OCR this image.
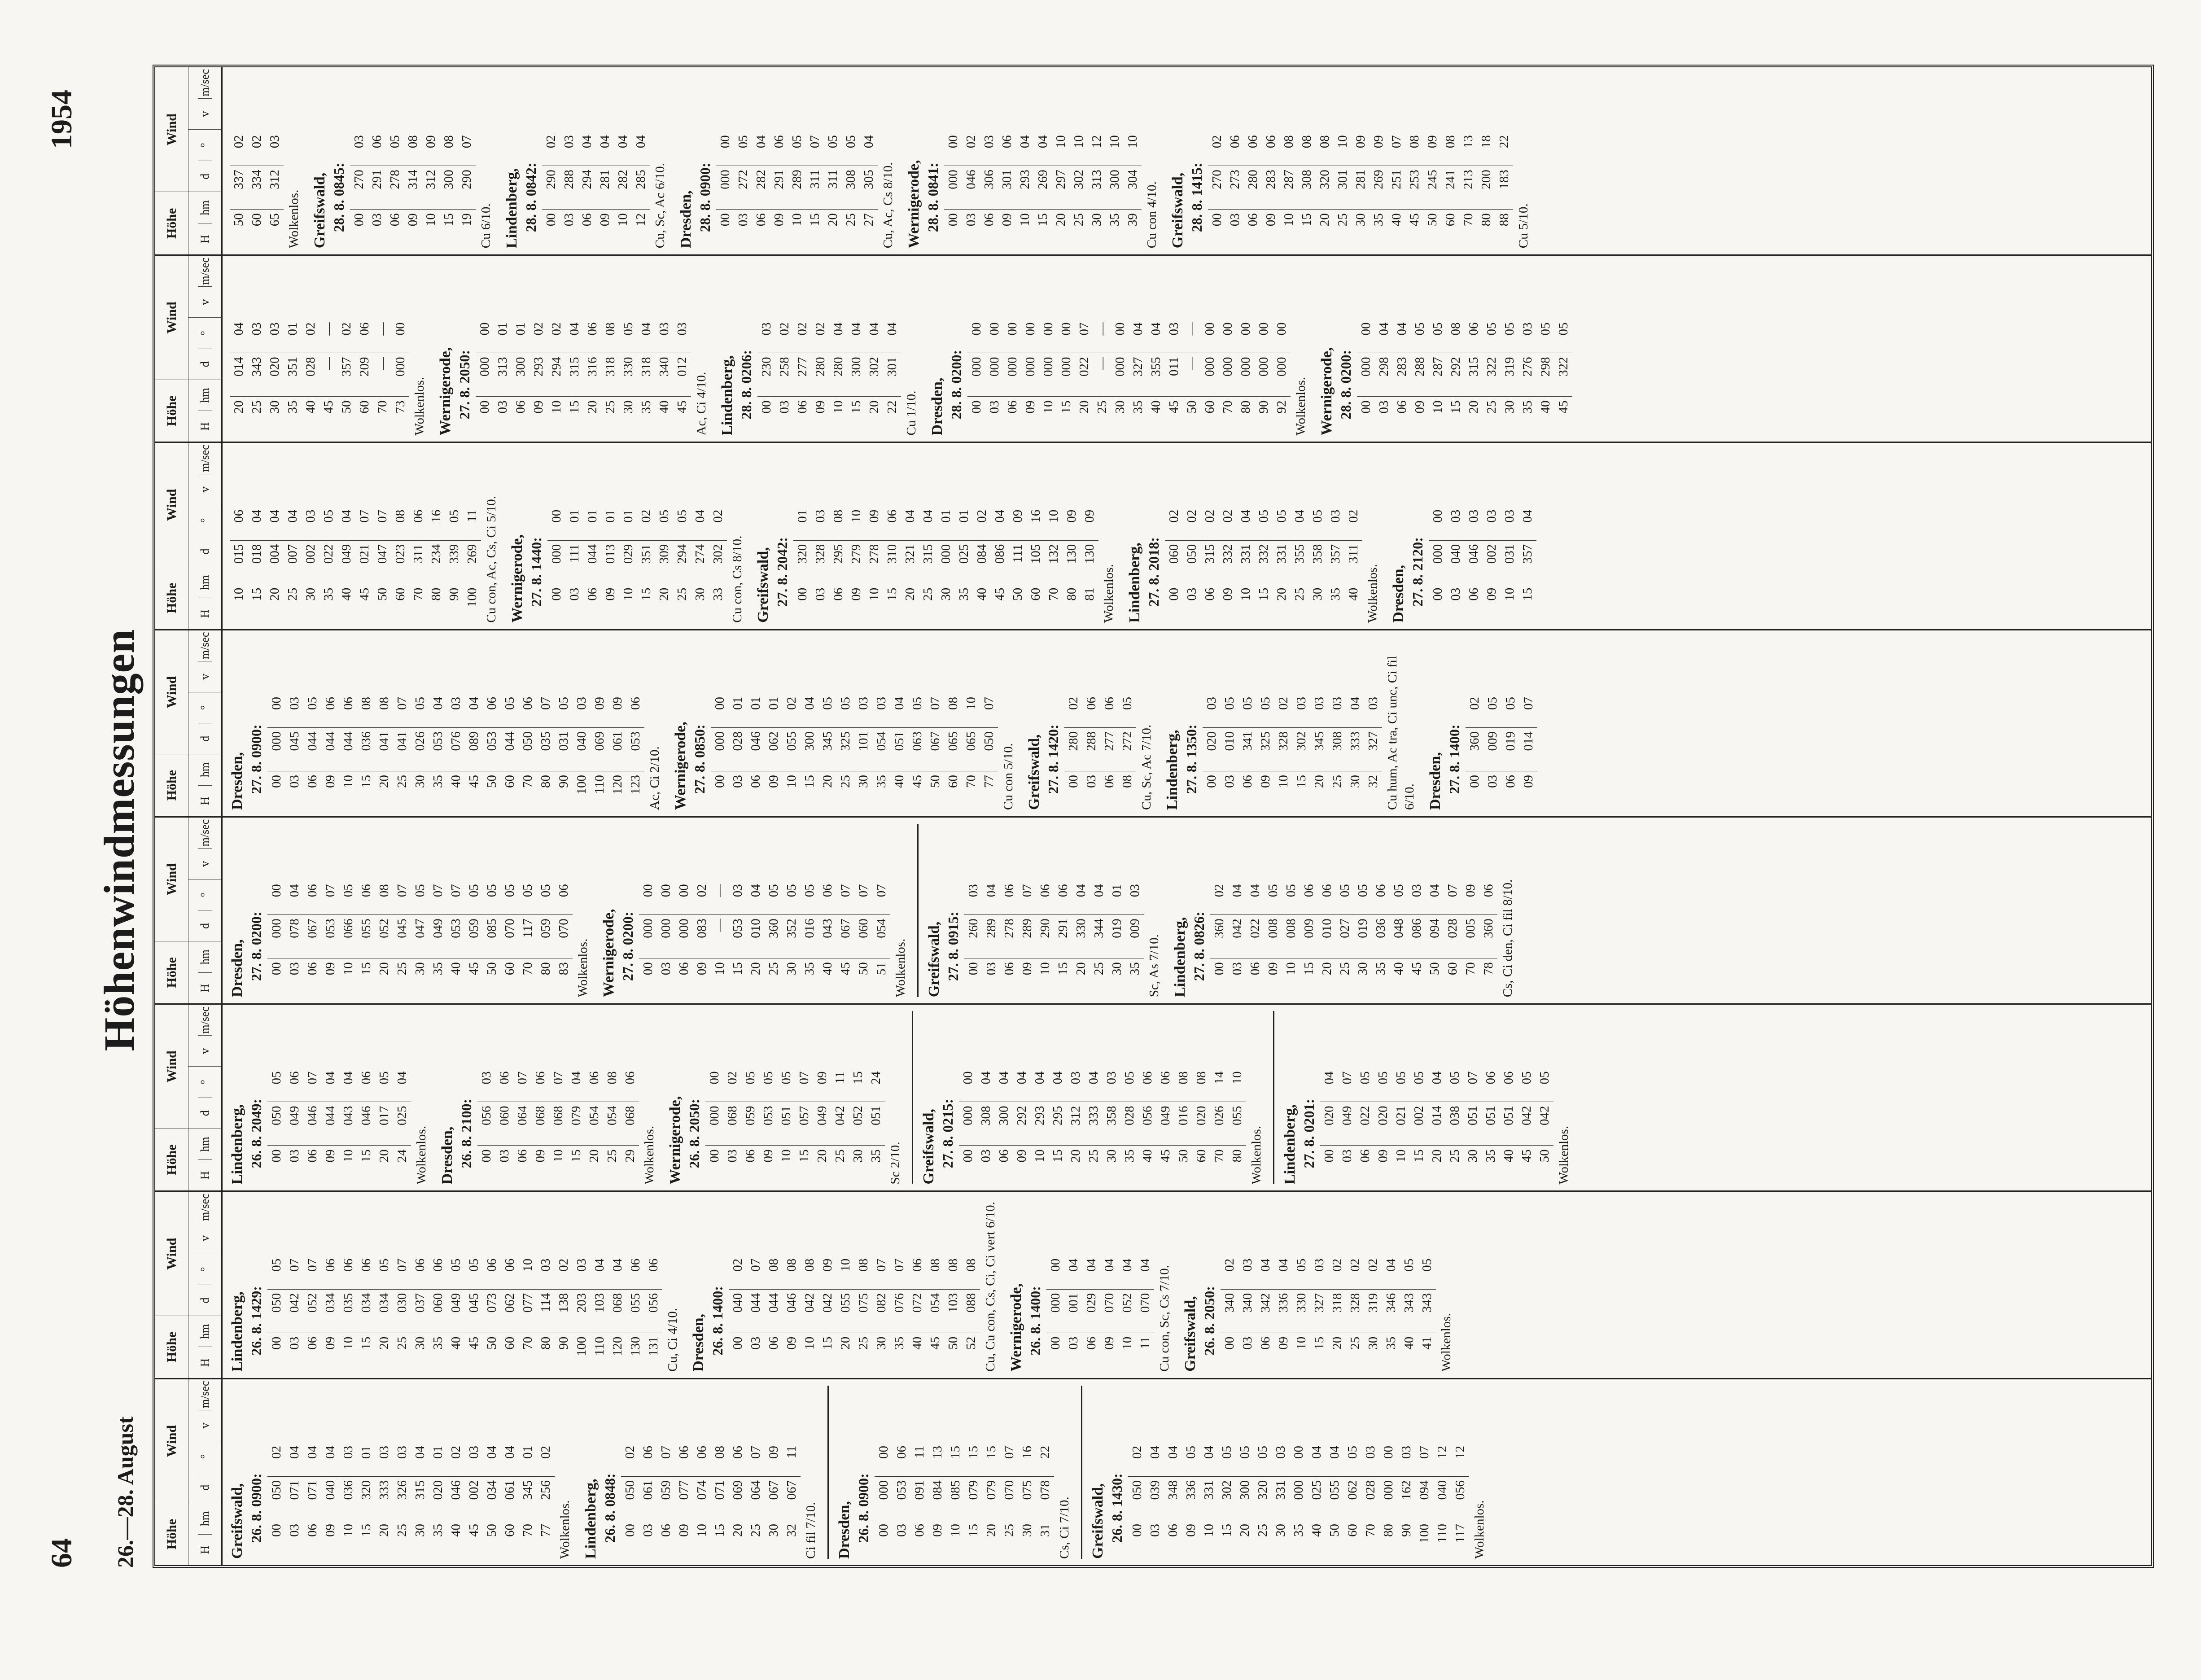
64
1954
Höhenwindmessungen
26.—28. August	Höhe
H

hm
Wind
d

°
v

m/sec
Greifswald, 26. 8. 0900: 00	050	02
03	071	04
06	071	04
09	040	04
10	036	03
15	320	01
20	333	03
25	326	03
30	315	04
35	020	01
40	046	02
45	002	03
50	034	04
60	061	04
70	345	01
77	256	02
Wolkenlos. Lindenberg, 26. 8. 0848: 00	050	02
03	061	06
06	059	07
09	077	06
10	074	06
15	071	08
20	069	06
25	064	07
30	067	09
32	067	11
Ci fil 7/10. Dresden, 26. 8. 0900: 00	000	00
03	053	06
06	091	11
09	084	13
10	085	15
15	079	15
20	079	15
25	070	07
30	075	16
31	078	22
Cs, Ci 7/10. Greifswald, 26. 8. 1430: 00	050	02
03	039	04
06	348	04
09	336	05
10	331	04
15	302	05
20	300	05
25	320	05
30	331	03
35	000	00
40	025	04
50	055	04
60	062	05
70	028	03
80	000	00
90	162	03
100	094	07
110	040	12
117	056	12
Wolkenlos.
Höhe
H

hm
Wind
d

°
v

m/sec
Lindenberg, 26. 8. 1429: 00	050	05
03	042	07
06	052	07
09	034	06
10	035	06
15	034	06
20	034	05
25	030	07
30	037	06
35	060	06
40	049	05
45	045	05
50	073	06
60	062	06
70	077	10
80	114	03
90	138	02
100	203	03
110	103	04
120	068	04
130	055	06
131	056	06
Cu, Ci 4/10. Dresden, 26. 8. 1400: 00	040	02
03	044	07
06	044	08
09	046	08
10	042	08
15	042	09
20	055	10
25	075	08
30	082	07
35	076	07
40	072	06
45	054	08
50	103	08
52	088	08 Cu, Cu con, Cs, Ci, Ci vert 6/10. Wernigerode, 26. 8. 1400: 00	000	00
03	001	04
06	029	04
09	070	04
10	052	04
11	070	04 Cu con, Sc, Cs 7/10. Greifswald, 26. 8. 2050: 00	340	02
03	340	03
06	342	04
09	336	04
10	330	05
15	327	03
20	318	02
25	328	02
30	319	02
35	346	04
40	343	05
41	343	05
Wolkenlos.
Höhe
H

hm
Wind
d

°
v

m/sec
Lindenberg, 26. 8. 2049: 00	050	05
03	049	06
06	046	07
09	044	04
10	043	04
15	046	06
20	017	05
24	025	04
Wolkenlos. Dresden, 26. 8. 2100: 00	056	03
03	060	06
06	064	07
09	068	06
10	068	07
15	079	04
20	054	06
25	054	08
29	068	06
Wolkenlos. Wernigerode, 26. 8. 2050: 00	000	00
03	068	02
06	059	05
09	053	05
10	051	05
15	057	07
20	049	09
25	042	11
30	052	15
35	051	24
Sc 2/10. Greifswald, 27. 8. 0215: 00	000	00
03	308	04
06	300	04
09	292	04
10	293	04
15	295	04
20	312	03
25	333	04
30	358	03
35	028	05
40	056	06
45	049	06
50	016	08
60	020	08
70	026	14
80	055	10
Wolkenlos. Lindenberg, 27. 8. 0201: 00	020	04
03	049	07
06	022	05
09	020	05
10	021	05
15	002	05
20	014	04
25	038	05
30	051	07
35	051	06
40	051	06
45	042	05
50	042	05
Wolkenlos.
Höhe
H

hm
Wind
d

°
v

m/sec
Dresden, 27. 8. 0200: 00	000	00
03	078	04
06	067	06
09	053	07
10	066	05
15	055	06
20	052	08
25	045	07
30	047	05
35	049	07
40	053	07
45	059	05
50	085	05
60	070	05
70	117	05
80	059	05
83	070	06
Wolkenlos. Wernigerode, 27. 8. 0200: 00	000	00
03	000	00
06	000	00
09	083	02
10	—	—
15	053	03
20	010	04
25	360	05
30	352	05
35	016	05
40	043	06
45	067	07
50	060	07
51	054	07
Wolkenlos. Greifswald, 27. 8. 0915: 00	260	03
03	289	04
06	278	06
09	289	07
10	290	06
15	291	06
20	330	04
25	344	04
30	019	01
35	009	03
Sc, As 7/10. Lindenberg, 27. 8. 0826: 00	360	02
03	042	04
06	022	04
09	008	05
10	008	05
15	009	06
20	010	06
25	027	05
30	019	05
35	036	06
40	048	05
45	086	03
50	094	04
60	028	07
70	005	09
78	360	06 Cs, Ci den, Ci fil 8/10.
Höhe
H

hm
Wind
d

°
v

m/sec
Dresden, 27. 8. 0900: 00	000	00
03	045	03
06	044	05
09	044	06
10	044	06
15	036	08
20	041	08
25	041	07
30	026	05
35	053	04
40	076	03
45	089	04
50	053	06
60	044	05
70	050	06
80	035	07
90	031	05
100	040	03
110	069	09
120	061	09
123	053	06
Ac, Ci 2/10. Wernigerode, 27. 8. 0850: 00	000	00
03	028	01
06	046	01
09	062	01
10	055	02
15	300	04
20	345	05
25	325	05
30	101	03
35	054	03
40	051	04
45	063	05
50	067	07
60	065	08
70	065	10
77	050	07
Cu con 5/10. Greifswald, 27. 8. 1420: 00	280	02
03	288	06
06	277	06
08	272	05
Cu, Sc, Ac 7/10. Lindenberg, 27. 8. 1350: 00	020	03
03	010	05
06	341	05
09	325	05
10	328	02
15	302	03
20	345	03
25	308	03
30	333	04
32	327	03 Cu hum, Ac tra, Ci unc, Ci fil 6/10. Dresden, 27. 8. 1400: 00	360	02
03	009	05
06	019	05
09	014	07
Höhe
H

hm
Wind
d

°
v

m/sec
10	015	06
15	018	04
20	004	04
25	007	04
30	002	03
35	022	05
40	049	04
45	021	07
50	047	07
60	023	08
70	311	06
80	234	16
90	339	05
100	269	11 Cu con, Ac, Cs, Ci 5/10. Wernigerode, 27. 8. 1440: 00	000	00
03	111	01
06	044	01
09	013	01
10	029	01
15	351	02
20	309	05
25	294	05
30	274	04
33	302	02
Cu con, Cs 8/10. Greifswald, 27. 8. 2042: 00	320	01
03	328	03
06	295	08
09	279	10
10	278	09
15	310	06
20	321	04
25	315	04
30	000	01
35	025	01
40	084	02
45	086	04
50	111	09
60	105	16
70	132	10
80	130	09
81	130	09
Wolkenlos. Lindenberg, 27. 8. 2018: 00	060	02
03	050	02
06	315	02
09	332	02
10	331	04
15	332	05
20	331	05
25	355	04
30	358	05
35	357	03
40	311	02
Wolkenlos. Dresden, 27. 8. 2120: 00	000	00
03	040	03
06	046	03
09	002	03
10	031	03
15	357	04
Höhe
H

hm
Wind
d

°
v

m/sec
20	014	04
25	343	03
30	020	03
35	351	01
40	028	02
45	—	—
50	357	02
60	209	06
70	—	—
73	000	00
Wolkenlos. Wernigerode, 27. 8. 2050: 00	000	00
03	313	01
06	300	01
09	293	02
10	294	02
15	315	04
20	316	06
25	318	08
30	330	05
35	318	04
40	340	03
45	012	03
Ac, Ci 4/10. Lindenberg, 28. 8. 0206: 00	230	03
03	258	02
06	277	02
09	280	02
10	280	04
15	300	04
20	302	04
22	301	04
Cu 1/10. Dresden, 28. 8. 0200: 00	000	00
03	000	00
06	000	00
09	000	00
10	000	00
15	000	00
20	022	07
25	—	—
30	000	00
35	327	04
40	355	04
45	011	03
50	—	—
60	000	00
70	000	00
80	000	00
90	000	00
92	000	00
Wolkenlos. Wernigerode, 28. 8. 0200: 00	000	00
03	298	04
06	283	04
09	288	05
10	287	05
15	292	08
20	315	06
25	322	05
30	319	05
35	276	03
40	298	05
45	322	05
Höhe
H

hm
Wind
d

°
v

m/sec
50	337	02
60	334	02
65	312	03
Wolkenlos. Greifswald, 28. 8. 0845: 00	270	03
03	291	06
06	278	05
09	314	08
10	312	09
15	300	08
19	290	07
Cu 6/10. Lindenberg, 28. 8. 0842: 00	290	02
03	288	03
06	294	04
09	281	04
10	282	04
12	285	04
Cu, Sc, Ac 6/10. Dresden, 28. 8. 0900: 00	000	00
03	272	05
06	282	04
09	291	06
10	289	05
15	311	07
20	311	05
25	308	05
27	305	04
Cu, Ac, Cs 8/10. Wernigerode, 28. 8. 0841: 00	000	00
03	046	02
06	306	03
09	301	06
10	293	04
15	269	04
20	297	10
25	302	10
30	313	12
35	300	10
39	304	10
Cu con 4/10. Greifswald, 28. 8. 1415: 00	270	02
03	273	06
06	280	06
09	283	06
10	287	08
15	308	08
20	320	08
25	301	10
30	281	09
35	269	09
40	251	07
45	253	08
50	245	09
60	241	08
70	213	13
80	200	18
88	183	22
Cu 5/10.
